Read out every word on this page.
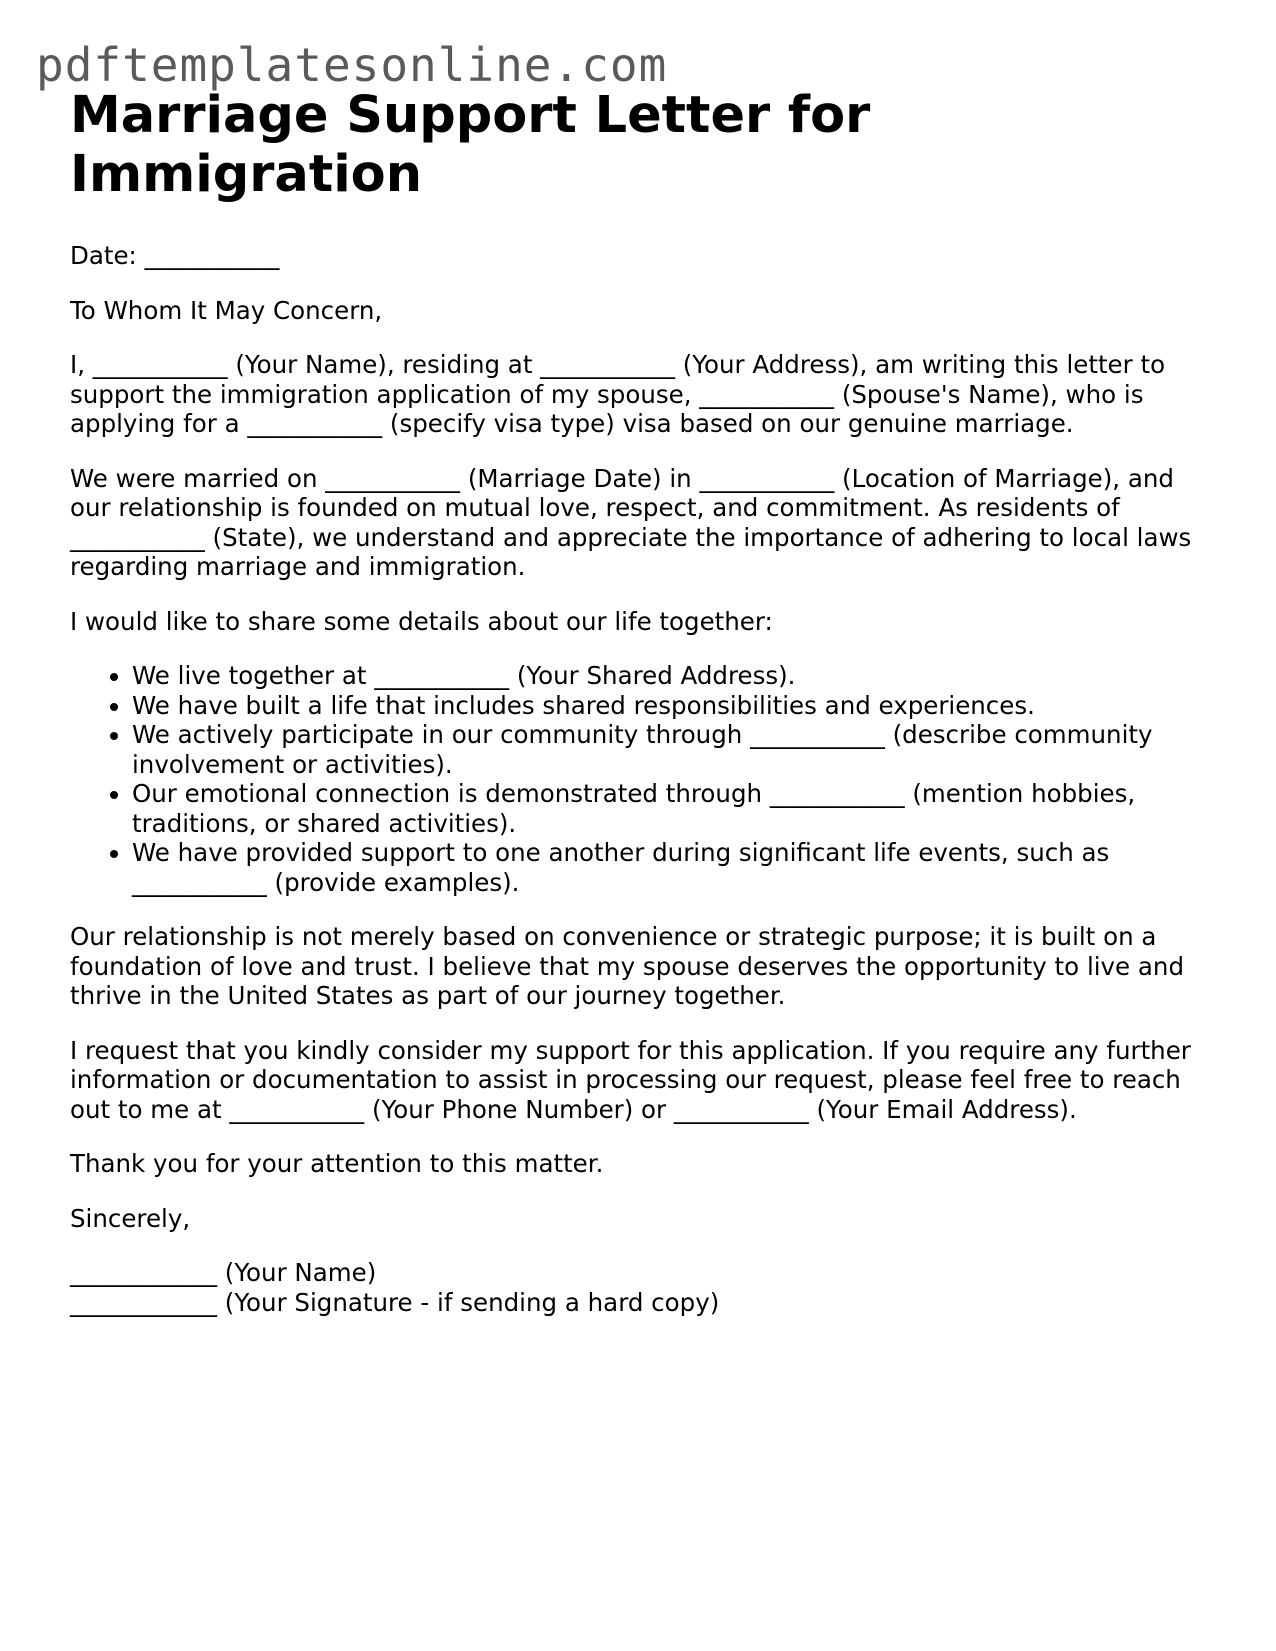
pdftemplatesonline.com
Marriage Support Letter for Immigration

Date: ___________

To Whom It May Concern,

I, ___________ (Your Name), residing at ___________ (Your Address), am writing this letter to support the immigration application of my spouse, ___________ (Spouse's Name), who is applying for a ___________ (specify visa type) visa based on our genuine marriage.

We were married on ___________ (Marriage Date) in ___________ (Location of Marriage), and our relationship is founded on mutual love, respect, and commitment. As residents of ___________ (State), we understand and appreciate the importance of adhering to local laws regarding marriage and immigration.

I would like to share some details about our life together:

• We live together at ___________ (Your Shared Address).
• We have built a life that includes shared responsibilities and experiences.
• We actively participate in our community through ___________ (describe community involvement or activities).
• Our emotional connection is demonstrated through ___________ (mention hobbies, traditions, or shared activities).
• We have provided support to one another during significant life events, such as ___________ (provide examples).

Our relationship is not merely based on convenience or strategic purpose; it is built on a foundation of love and trust. I believe that my spouse deserves the opportunity to live and thrive in the United States as part of our journey together.

I request that you kindly consider my support for this application. If you require any further information or documentation to assist in processing our request, please feel free to reach out to me at ___________ (Your Phone Number) or ___________ (Your Email Address).

Thank you for your attention to this matter.

Sincerely,

____________ (Your Name)
____________ (Your Signature - if sending a hard copy)
